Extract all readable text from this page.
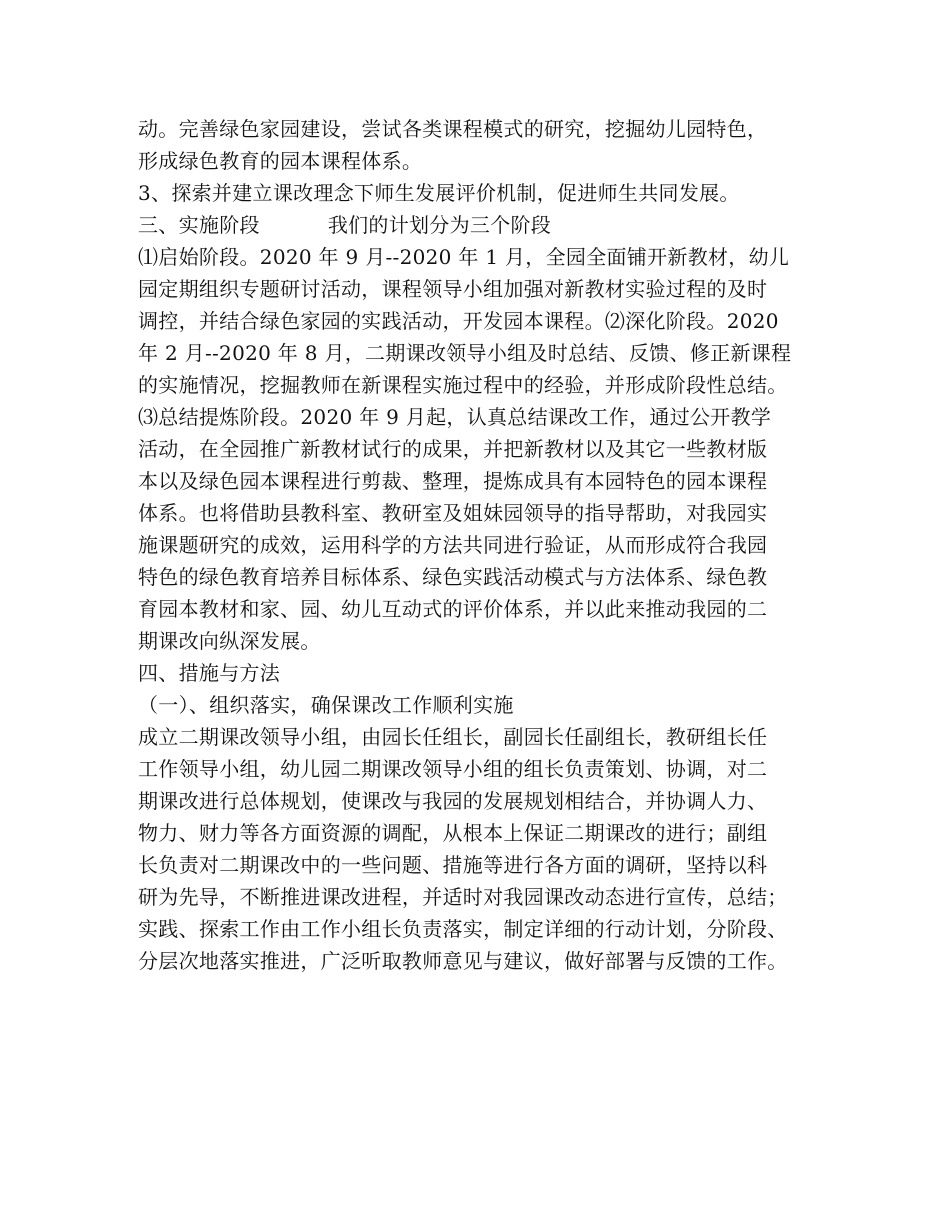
动。完善绿色家园建设，尝试各类课程模式的研究，挖掘幼儿园特色，
形成绿色教育的园本课程体系。
3、探索并建立课改理念下师生发展评价机制，促进师生共同发展。
三、实施阶段	我们的计划分为三个阶段
⑴启始阶段。2020 年 9 月--2020 年 1 月，全园全面铺开新教材，幼儿
园定期组织专题研讨活动，课程领导小组加强对新教材实验过程的及时
调控，并结合绿色家园的实践活动，开发园本课程。⑵深化阶段。2020
年 2 月--2020 年 8 月，二期课改领导小组及时总结、反馈、修正新课程
的实施情况，挖掘教师在新课程实施过程中的经验，并形成阶段性总结。
⑶总结提炼阶段。2020 年 9 月起，认真总结课改工作，通过公开教学
活动，在全园推广新教材试行的成果，并把新教材以及其它一些教材版
本以及绿色园本课程进行剪裁、整理，提炼成具有本园特色的园本课程
体系。也将借助县教科室、教研室及姐妹园领导的指导帮助，对我园实
施课题研究的成效，运用科学的方法共同进行验证，从而形成符合我园
特色的绿色教育培养目标体系、绿色实践活动模式与方法体系、绿色教
育园本教材和家、园、幼儿互动式的评价体系，并以此来推动我园的二
期课改向纵深发展。
四、措施与方法
（一）、组织落实，确保课改工作顺利实施
成立二期课改领导小组，由园长任组长，副园长任副组长，教研组长任
工作领导小组，幼儿园二期课改领导小组的组长负责策划、协调，对二
期课改进行总体规划，使课改与我园的发展规划相结合，并协调人力、
物力、财力等各方面资源的调配，从根本上保证二期课改的进行；副组
长负责对二期课改中的一些问题、措施等进行各方面的调研，坚持以科
研为先导，不断推进课改进程，并适时对我园课改动态进行宣传，总结；
实践、探索工作由工作小组长负责落实，制定详细的行动计划，分阶段、
分层次地落实推进，广泛听取教师意见与建议，做好部署与反馈的工作。
